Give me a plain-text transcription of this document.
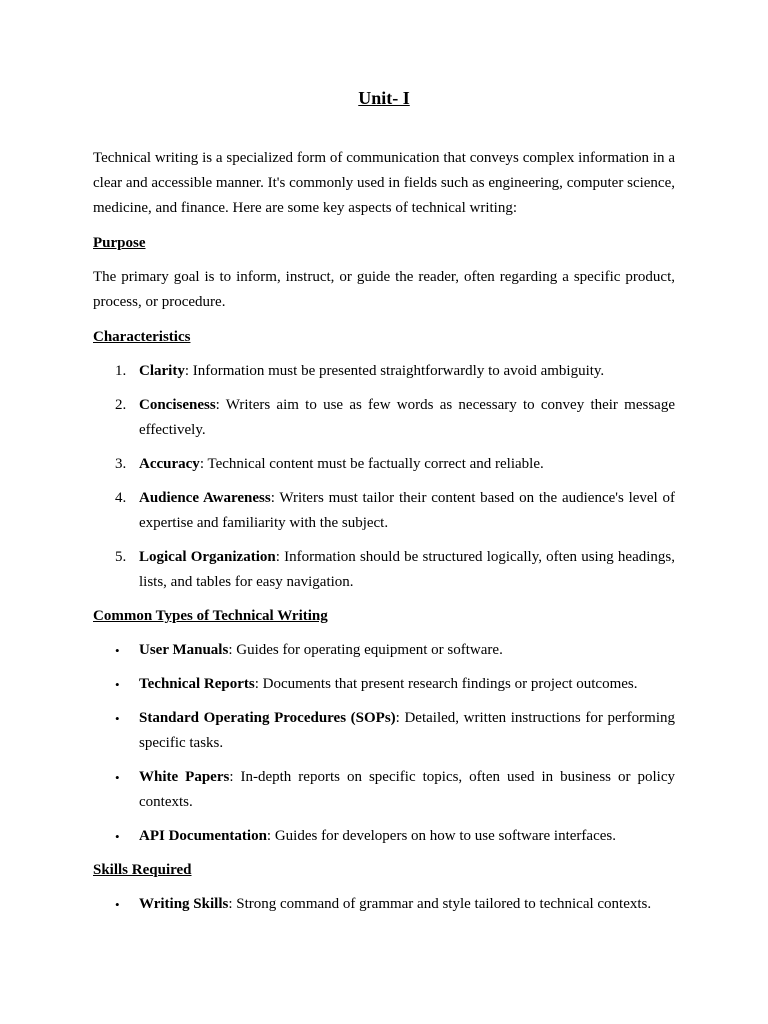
Unit- I

Technical writing is a specialized form of communication that conveys complex information in a clear and accessible manner. It's commonly used in fields such as engineering, computer science, medicine, and finance. Here are some key aspects of technical writing:

Purpose

The primary goal is to inform, instruct, or guide the reader, often regarding a specific product, process, or procedure.

Characteristics
1. Clarity: Information must be presented straightforwardly to avoid ambiguity.
2. Conciseness: Writers aim to use as few words as necessary to convey their message effectively.
3. Accuracy: Technical content must be factually correct and reliable.
4. Audience Awareness: Writers must tailor their content based on the audience's level of expertise and familiarity with the subject.
5. Logical Organization: Information should be structured logically, often using headings, lists, and tables for easy navigation.
Common Types of Technical Writing
• User Manuals: Guides for operating equipment or software.
• Technical Reports: Documents that present research findings or project outcomes.
• Standard Operating Procedures (SOPs): Detailed, written instructions for performing specific tasks.
• White Papers: In-depth reports on specific topics, often used in business or policy contexts.
• API Documentation: Guides for developers on how to use software interfaces.
Skills Required
• Writing Skills: Strong command of grammar and style tailored to technical contexts.
